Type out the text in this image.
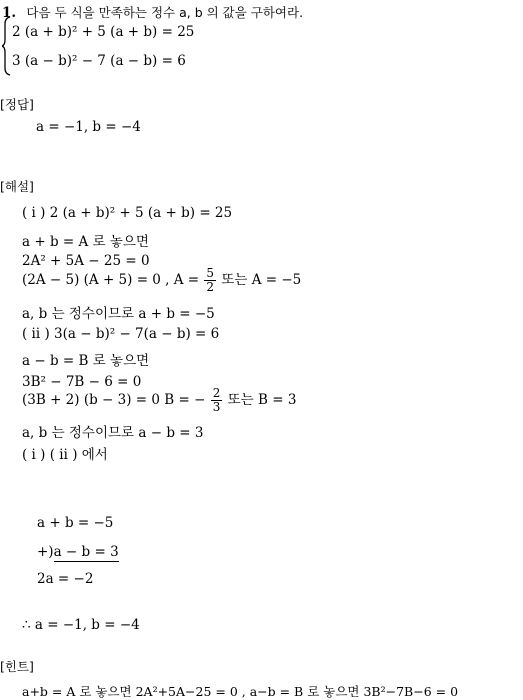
1. 다음 두 식을 만족하는 정수 a, b 의 값을 구하여라.
2 (a + b)² + 5 (a + b) = 25
3 (a − b)² − 7 (a − b) = 6
[정답]
a = −1, b = −4
[해설]
( ⅰ ) 2 (a + b)² + 5 (a + b) = 25
a + b = A 로 놓으면
2A² + 5A − 25 = 0
(2A − 5) (A + 5) = 0 , $A = \frac{5}{2}$ 또는 A = −5
a, b 는 정수이므로 a + b = −5
( ⅱ ) 3(a − b)² − 7(a − b) = 6
a − b = B 로 놓으면
3B² − 7B − 6 = 0
(3B + 2) (b − 3) = 0 B = − $\frac{2}{3}$ 또는 B = 3
a, b 는 정수이므로 a − b = 3
( ⅰ ) ( ⅱ ) 에서
a + b = −5
+)a − b = 3
2a = −2
∴ a = −1, b = −4
[힌트]
a+b = A 로 놓으면 2A²+5A−25 = 0 , a−b = B 로 놓으면 3B²−7B−6 = 0
